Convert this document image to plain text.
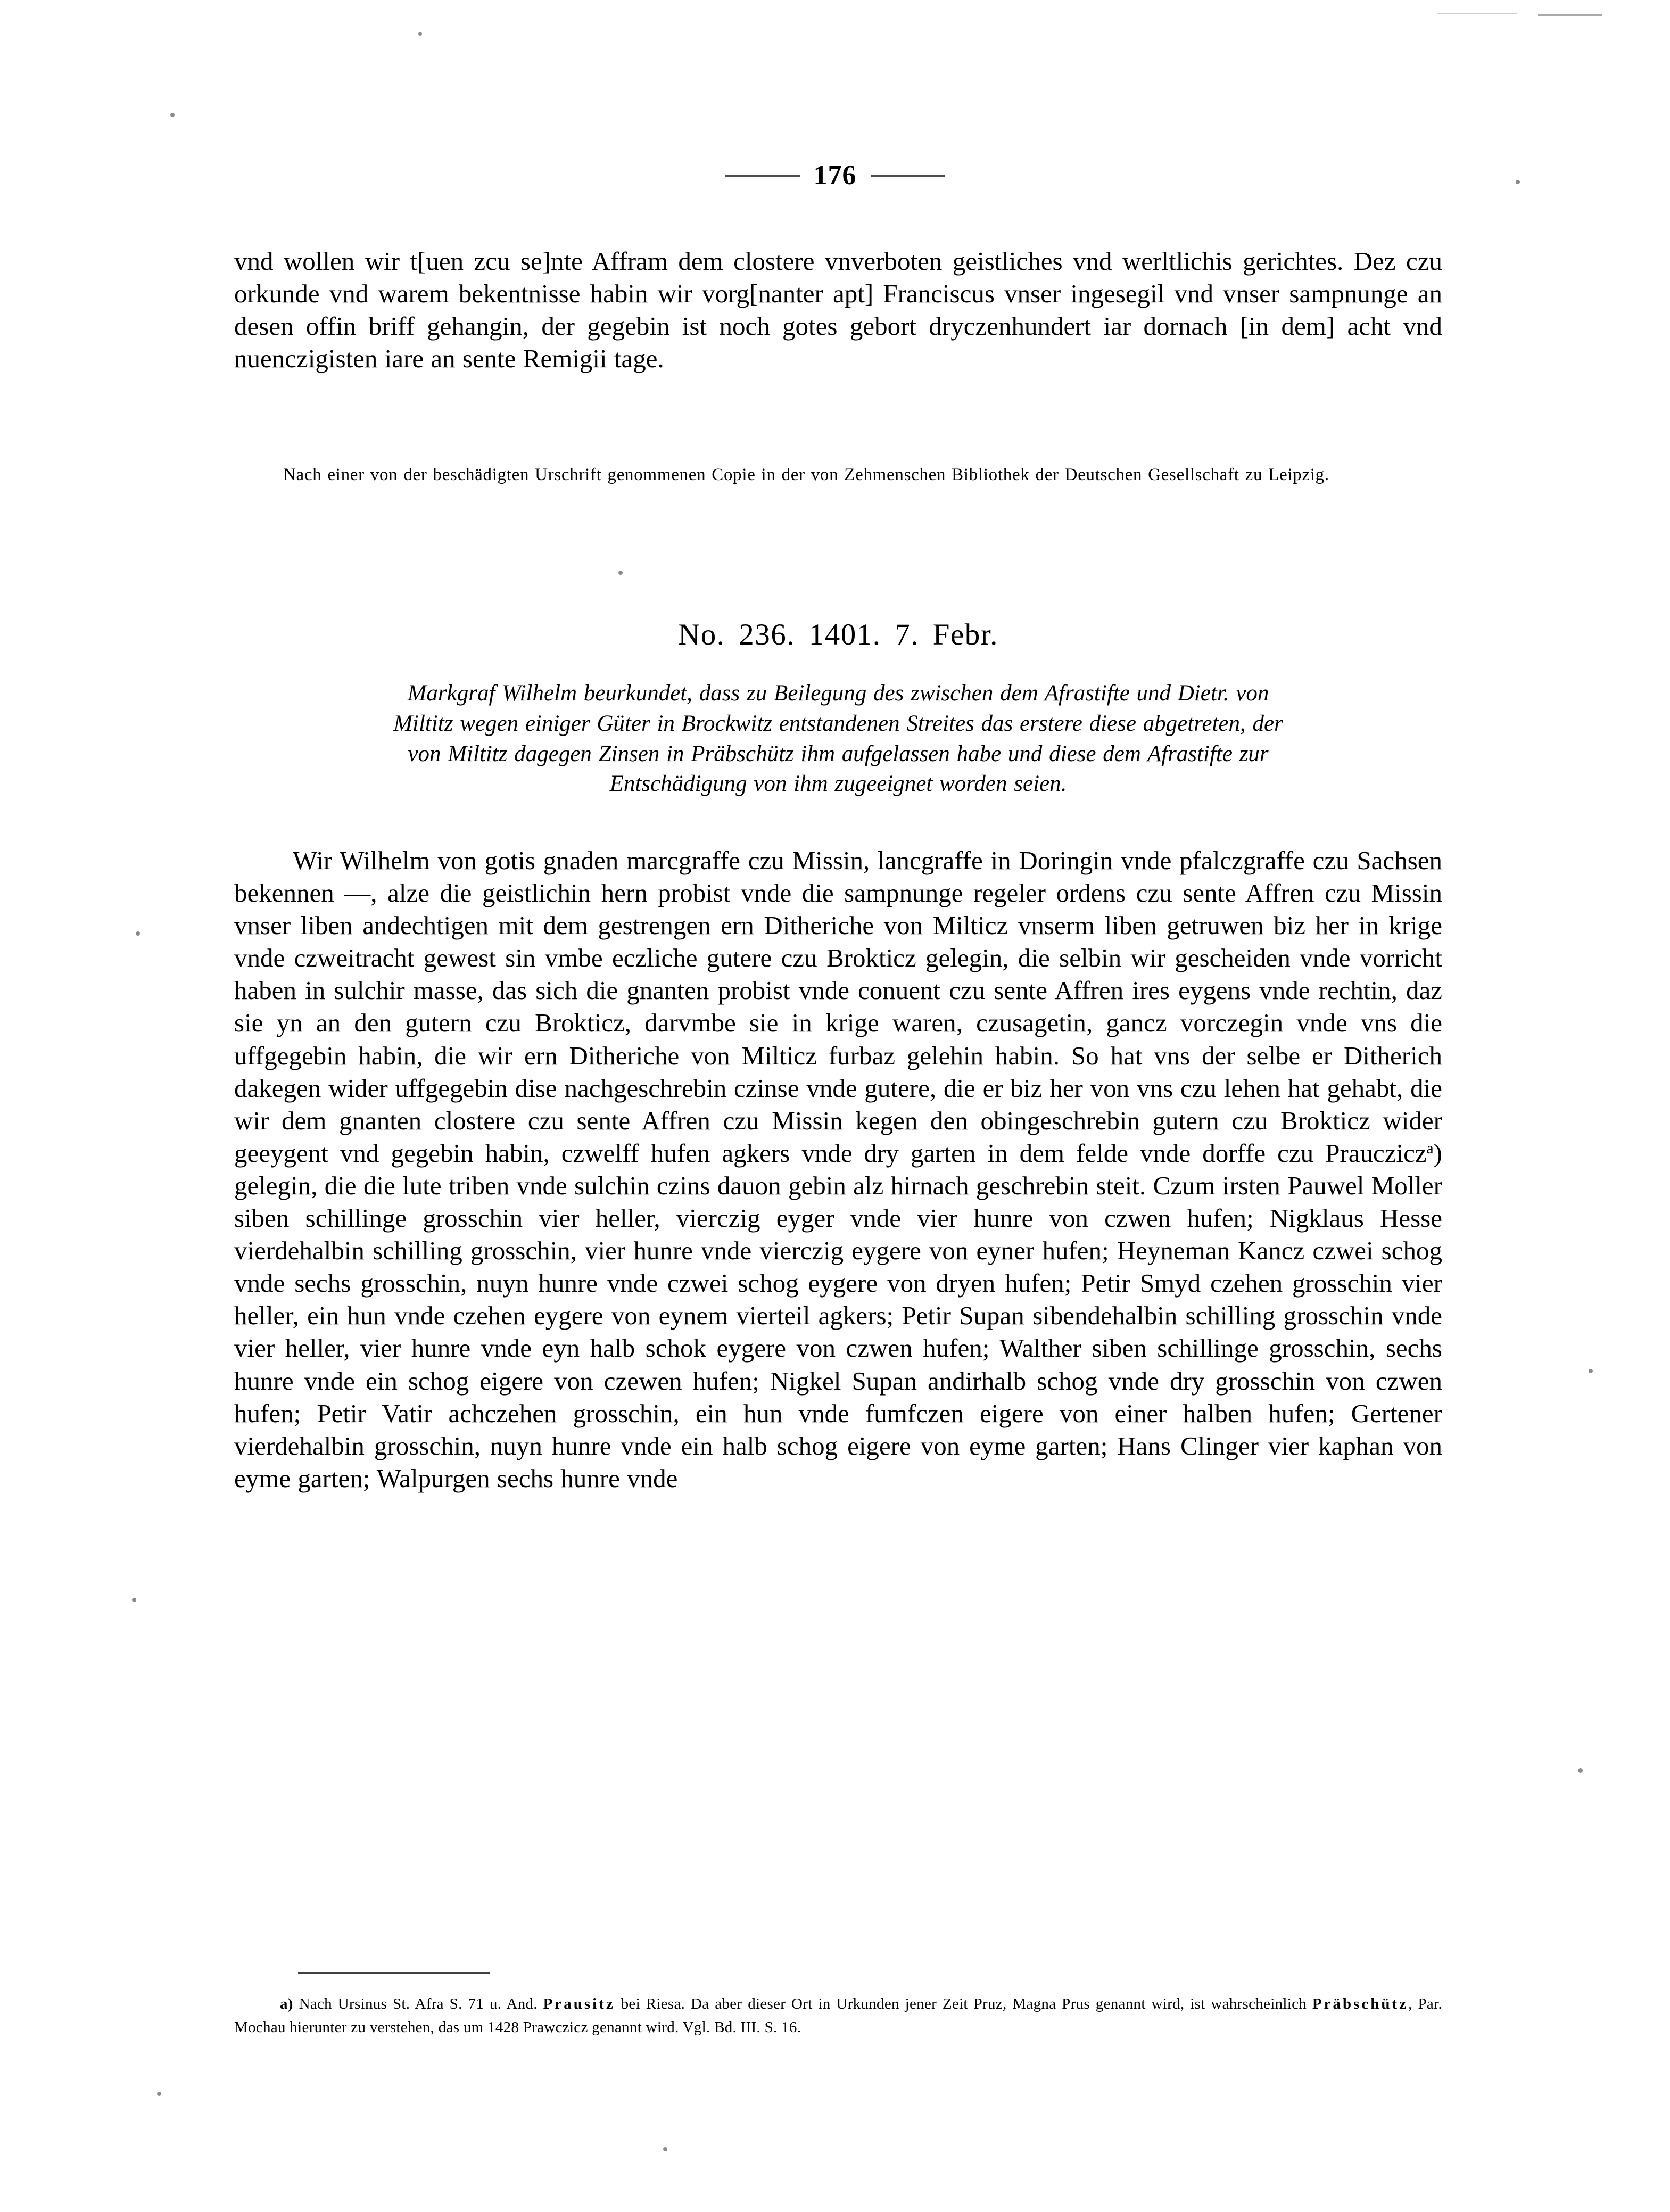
176
vnd wollen wir t[uen zcu se]nte Affram dem clostere vnverboten geistliches vnd werltlichis gerichtes. Dez czu orkunde vnd warem bekentnisse habin wir vorg[nanter apt] Franciscus vnser ingesegil vnd vnser sampnunge an desen offin briff gehangin, der gegebin ist noch gotes gebort dryczenhundert iar dornach [in dem] acht vnd nuenczigisten iare an sente Remigii tage.
Nach einer von der beschädigten Urschrift genommenen Copie in der von Zehmenschen Bibliothek der Deutschen Gesellschaft zu Leipzig.
No. 236. 1401. 7. Febr.
Markgraf Wilhelm beurkundet, dass zu Beilegung des zwischen dem Afrastifte und Dietr. von
Miltitz wegen einiger Güter in Brockwitz entstandenen Streites das erstere diese abgetreten, der
von Miltitz dagegen Zinsen in Präbschütz ihm aufgelassen habe und diese dem Afrastifte zur
Entschädigung von ihm zugeeignet worden seien.
Wir Wilhelm von gotis gnaden marcgraffe czu Missin, lancgraffe in Doringin vnde pfalczgraffe czu Sachsen bekennen —, alze die geistlichin hern probist vnde die sampnunge regeler ordens czu sente Affren czu Missin vnser liben andechtigen mit dem gestrengen ern Ditheriche von Milticz vnserm liben getruwen biz her in krige vnde czweitracht gewest sin vmbe eczliche gutere czu Brokticz gelegin, die selbin wir gescheiden vnde vorricht haben in sulchir masse, das sich die gnanten probist vnde conuent czu sente Affren ires eygens vnde rechtin, daz sie yn an den gutern czu Brokticz, darvmbe sie in krige waren, czusagetin, gancz vorczegin vnde vns die uffgegebin habin, die wir ern Ditheriche von Milticz furbaz gelehin habin. So hat vns der selbe er Ditherich dakegen wider uffgegebin dise nachgeschrebin czinse vnde gutere, die er biz her von vns czu lehen hat gehabt, die wir dem gnanten clostere czu sente Affren czu Missin kegen den obingeschrebin gutern czu Brokticz wider geeygent vnd gegebin habin, czwelff hufen agkers vnde dry garten in dem felde vnde dorffe czu Prauczicz$^a$) gelegin, die die lute triben vnde sulchin czins dauon gebin alz hirnach geschrebin steit. Czum irsten Pauwel Moller siben schillinge grosschin vier heller, vierczig eyger vnde vier hunre von czwen hufen; Nigklaus Hesse vierdehalbin schilling grosschin, vier hunre vnde vierczig eygere von eyner hufen; Heyneman Kancz czwei schog vnde sechs grosschin, nuyn hunre vnde czwei schog eygere von dryen hufen; Petir Smyd czehen grosschin vier heller, ein hun vnde czehen eygere von eynem vierteil agkers; Petir Supan sibendehalbin schilling grosschin vnde vier heller, vier hunre vnde eyn halb schok eygere von czwen hufen; Walther siben schillinge grosschin, sechs hunre vnde ein schog eigere von czewen hufen; Nigkel Supan andirhalb schog vnde dry grosschin von czwen hufen; Petir Vatir achczehen grosschin, ein hun vnde fumfczen eigere von einer halben hufen; Gertener vierdehalbin grosschin, nuyn hunre vnde ein halb schog eigere von eyme garten; Hans Clinger vier kaphan von eyme garten; Walpurgen sechs hunre vnde
a) Nach Ursinus St. Afra S. 71 u. And. Prausitz bei Riesa. Da aber dieser Ort in Urkunden jener Zeit Pruz, Magna Prus genannt wird, ist wahrscheinlich Präbschütz, Par. Mochau hierunter zu verstehen, das um 1428 Prawczicz genannt wird. Vgl. Bd. III. S. 16.
